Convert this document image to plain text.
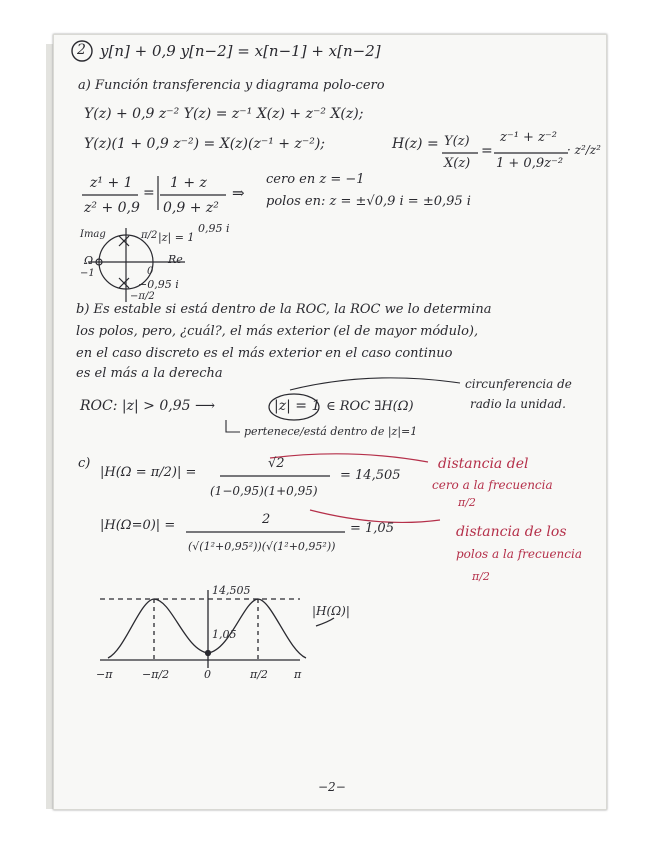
2 y[n] + 0,9 y[n−2] = x[n−1] + x[n−2]
a) Función transferencia y diagrama polo-cero
Y(z) + 0,9 z⁻² Y(z) = z⁻¹ X(z) + z⁻² X(z);
Y(z)(1 + 0,9 z⁻²) = X(z)(z⁻¹ + z⁻²);	H(z) = Y(z)
X(z)
=
z⁻¹ + z⁻²
1 + 0,9z⁻²
· z²/z²
z¹ + 1
z² + 0,9
=
1 + z
0,9 + z²
⇒
cero en z = −1
polos en: z = ±√0,9 i = ±0,95 i
Imag	π/2 |z| = 1
0,95 i
Re
Ω
−1	0
−0,95 i
−π/2
b) Es estable si está dentro de la ROC, la ROC we lo determina
los polos, pero, ¿cuál?, el más exterior (el de mayor módulo),
en el caso discreto es el más exterior en el caso continuo
es el más a la derecha
ROC: |z| > 0,95 ⟶	|z| = 1 ∈ ROC ∃H(Ω)
circunferencia de
radio la unidad.
pertenece/está dentro de |z|=1
c)
|H(Ω = π/2)| =
√2
(1−0,95)(1+0,95)
= 14,505
|H(Ω=0)| =	2
(√(1²+0,95²))(√(1²+0,95²))
= 1,05
distancia del
cero a la frecuencia
π/2
distancia de los
polos a la frecuencia
π/2
14,505
1,05
|H(Ω)|
−π	−π/2	0	π/2 π
−2−
